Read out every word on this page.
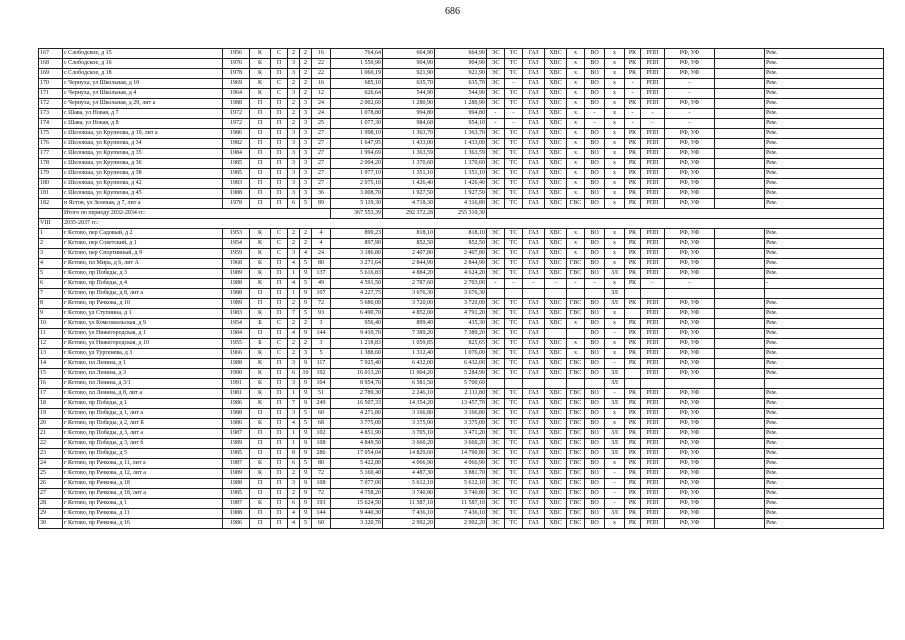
686
167	с Слободское, д 15	1956	К	С	2	2	16	764,64	664,90	664,90	ЭС	ТС	ГАЗ	ХВС	х	ВО	х	РК	РПП	РФ, УФ		Рем.
168	с Слободское, д 16	1976	К	П	3	2	22	1 550,90	904,90	904,90	ЭС	ТС	ГАЗ	ХВС	х	ВО	х	РК	РПП	РФ, УФ		Рем.
169	с Слободское, д 18	1978	К	П	3	2	22	1 060,19	921,90	921,90	ЭС	ТС	ГАЗ	ХВС	х	ВО	х	РК	РПП	РФ, УФ		Рем.
170	с Чернуха, ул Школьная, д 10	1969	К	С	2	2	16	685,10	635,70	635,70	ЭС	-	ГАЗ	ХВС	х	ВО	х	-	РПП	-		Рем.
171	с Чернуха, ул Школьная, д 4	1964	К	С	3	2	12	626,64	544,90	544,90	ЭС	ТС	ГАЗ	ХВС	х	ВО	х	-	РПП	-		Рем.
172	с Чернуха, ул Школьная, д 29, лит а	1988	П	П	2	3	24	2 002,60	1 280,90	1 280,90	ЭС	ТС	ГАЗ	ХВС	х	ВО	х	РК	РПП	РФ, УФ		Рем.
173	с Шава, ул Новая, д 7	1972	П	П	2	3	24	1 078,80	994,80	994,80	-	-	ГАЗ	ХВС	х	-	х	-	-	-		Рем.
174	с Шава, ул Новая, д 8	1972	П	П	2	3	25	1 077,30	984,60	954,10	-	-	ГАЗ	ХВС	х	-	х	-	-	-		Рем.
175	с Шелокша, ул Крупнова, д 10, лит а	1986	П	П	3	3	27	1 998,10	1 363,70	1 363,70	ЭС	ТС	ГАЗ	ХВС	х	ВО	х	РК	РПП	РФ, УФ		Рем.
176	с Шелокша, ул Крупнова, д 34	1982	П	П	3	3	27	1 647,95	1 433,00	1 433,00	ЭС	ТС	ГАЗ	ХВС	х	ВО	х	РК	РПП	РФ, УФ		Рем.
177	с Шелокша, ул Крупнова, д 35	1984	П	П	3	3	27	1 994,69	1 363,59	1 363,59	ЭС	ТС	ГАЗ	ХВС	х	ВО	х	РК	РПП	РФ, УФ		Рем.
178	с Шелокша, ул Крупнова, д 36	1985	П	П	3	3	27	2 004,20	1 370,60	1 370,60	ЭС	ТС	ГАЗ	ХВС	х	ВО	х	РК	РПП	РФ, УФ		Рем.
179	с Шелокша, ул Крупнова, д 38	1985	П	П	3	3	27	1 977,10	1 351,10	1 351,10	ЭС	ТС	ГАЗ	ХВС	х	ВО	х	РК	РПП	РФ, УФ		Рем.
180	с Шелокша, ул Крупнова, д 42	1983	П	П	3	3	27	2 075,10	1 426,40	1 426,40	ЭС	ТС	ГАЗ	ХВС	х	ВО	х	РК	РПП	РФ, УФ		Рем.
181	с Шелокша, ул Крупнова, д 45	1988	П	П	3	3	36	3 008,70	1 927,50	1 927,50	ЭС	ТС	ГАЗ	ХВС	х	ВО	х	РК	РПП	РФ, УФ		Рем.
182	п Ястов, ул Зеленая, д 7, лит а	1978	П	П	6	5	89	5 119,30	4 718,30	4 316,80	ЭС	ТС	ГАЗ	ХВС	ГВС	ВО	х	РК	РПП	РФ, УФ		Рем.
	Итого по периоду 2032-2034 гг.:							367 553,39	292 372,28	255 310,30												
VIII	2035-2037 гг.:																					
1	г Кстово, пер Садовый, д 2	1953	К	С	2	2	4	899,23	818,10	818,10	ЭС	ТС	ГАЗ	ХВС	х	ВО	х	РК	РПП	РФ, УФ		Рем.
2	г Кстово, пер Советский, д 1	1954	К	С	2	2	4	897,90	852,50	852,50	ЭС	ТС	ГАЗ	ХВС	х	ВО	х	РК	РПП	РФ, УФ		Рем.
3	г Кстово, пер Спортивный, д 9	1959	К	С	3	4	24	3 186,80	2 407,80	2 407,80	ЭС	ТС	ГАЗ	ХВС	х	ВО	х	РК	РПП	РФ, УФ		Рем.
4	г Кстово, пл Мира, д 6, лит А	1968	К	П	4	5	80	3 271,64	2 844,90	2 844,90	ЭС	ТС	ГАЗ	ХВС	ГВС	ВО	х	РК	РПП	РФ, УФ		Рем.
5	г Кстово, пр Победы, д 3	1989	К	П	1	9	137	5 616,83	4 884,20	4 624,20	ЭС	ТС	ГАЗ	ХВС	ГВС	ВО	ЗЛ	РК	РПП	РФ, УФ		Рем.
6	г Кстово, пр Победы, д 4	1988	К	П	4	5	49	4 591,50	2 787,60	2 703,00	-	-	-	-	-	-	х	РК	-	-		-
7	г Кстово, пр Победы, д 8, лит а	1988	П	П	1	9	107	4 227,75	3 676,30	3 676,30							ЗЛ					
8	г Кстово, пр Рачкова, д 10	1989	П	П	2	9	72	5 680,00	3 720,00	3 720,00	ЭС	ТС	ГАЗ	ХВС	ГВС	ВО	ЗЛ	РК	РПП	РФ, УФ		Рем.
9	г Кстово, ул Ступнина, д 1	1983	К	П	7	5	93	6 490,70	4 852,00	4 791,20	ЭС	ТС	ГАЗ	ХВС	ГВС	ВО	х		РПП	РФ, УФ		Рем.
10	г Кстово, ул Комсомольская, д 9	1954	Б	С	2	2	3	956,40	899,40	435,30	ЭС	ТС	ГАЗ	ХВС	х	ВО	х	РК	РПП	РФ, УФ		Рем.
11	г Кстово, ул Нижегородская, д 1	1984	П	П	4	9	144	9 410,70	7 389,20	7 389,20	ЭС	ТС	ГАЗ			ВО	-	РК	РПП	РФ, УФ		Рем.
12	г Кстово, ул Нижегородская, д 10	1955	Б	С	2	2	3	1 218,83	1 059,85	825,65	ЭС	ТС	ГАЗ	ХВС	х	ВО	х	РК	РПП	РФ, УФ		Рем.
13	г Кстово, ул Тургенева, д 3	1966	К	С	2	3	5	1 388,60	1 312,40	1 076,00	ЭС	ТС	ГАЗ	ХВС	х	ВО	х	РК	РПП	РФ, УФ		Рем.
14	г Кстово, пл Ленина, д 1	1988	К	П	3	9	117	7 925,40	6 432,00	6 432,00	ЭС	ТС	ГАЗ	ХВС	ГВС	ВО	-	РК	РПП	РФ, УФ		Рем.
15	г Кстово, пл Ленина, д 3	1990	К	П	6	10	192	16 013,20	11 904,20	5 284,90	ЭС	ТС	ГАЗ	ХВС	ГВС	ВО	ЗЛ		РПП	РФ, УФ		Рем.
16	г Кстово, пл Ленина, д 3/1	1991	К	П	3	9	104	8 954,70	6 581,50	5 700,60							ЗЛ					
17	г Кстово, пл Ленина, д 8, лит а	1981	К	П	1	9	51	2 789,30	2 246,10	2 111,80	ЭС	ТС	ГАЗ	ХВС	ГВС	ВО	-	РК	РПП	РФ, УФ		Рем.
18	г Кстово, пр Победы, д 1	1986	К	П	7	9	249	16 507,33	14 354,20	13 457,70	ЭС	ТС	ГАЗ	ХВС	ГВС	ВО	ЗЛ	РК	РПП	РФ, УФ		Рем.
19	г Кстово, пр Победы, д 1, лит а	1988	П	П	3	5	60	4 271,80	3 166,80	3 166,80	ЭС	ТС	ГАЗ	ХВС	ГВС	ВО	х	РК	РПП	РФ, УФ		Рем.
20	г Кстово, пр Победы, д 2, лит Б	1986	К	П	4	5	68	3 775,00	3 375,00	3 375,00	ЭС	ТС	ГАЗ	ХВС	ГВС	ВО	х	РК	РПП	РФ, УФ		Рем.
21	г Кстово, пр Победы, д 3, лит а	1987	П	П	1	9	102	4 851,90	3 705,10	3 471,20	ЭС	ТС	ГАЗ	ХВС	ГВС	ВО	ЗЛ	РК	РПП	РФ, УФ		Рем.
22	г Кстово, пр Победы, д 3, лит б	1989	П	П	1	9	108	4 849,50	3 660,20	3 660,20	ЭС	ТС	ГАЗ	ХВС	ГВС	ВО	ЗЛ	РК	РПП	РФ, УФ		Рем.
23	г Кстово, пр Победы, д 5	1985	П	П	8	9	286	17 054,04	14 829,60	14 790,80	ЭС	ТС	ГАЗ	ХВС	ГВС	ВО	ЗЛ	РК	РПП	РФ, УФ		Рем.
24	г Кстово, пр Рачкова, д 11, лит а	1987	К	П	6	5	80	5 422,80	4 066,90	4 066,90	ЭС	ТС	ГАЗ	ХВС	ГВС	ВО	х	РК	РПП	РФ, УФ		Рем.
25	г Кстово, пр Рачкова, д 12, лит а	1989	К	П	2	9	72	5 160,40	4 487,30	3 881,70	ЭС	ТС	ГАЗ	ХВС	ГВС	ВО	-	РК	РПП	РФ, УФ		Рем.
26	г Кстово, пр Рачкова, д 18	1988	П	П	3	9	108	7 077,00	5 612,10	5 612,10	ЭС	ТС	ГАЗ	ХВС	ГВС	ВО	-	РК	РПП	РФ, УФ		Рем.
27	г Кстово, пр Рачкова, д 18, лит а	1985	П	П	2	9	72	4 758,20	3 740,80	3 740,80	ЭС	ТС	ГАЗ	ХВС	ГВС	ВО	-	РК	РПП	РФ, УФ		Рем.
28	г Кстово, пр Рачкова, д 1	1987	К	П	6	9	193	15 624,50	11 587,10	11 587,10	ЭС	ТС	ГАЗ	ХВС	ГВС	ВО	-	РК	РПП	РФ, УФ		Рем.
29	г Кстово, пр Рачкова, д 11	1988	П	П	4	9	144	9 440,30	7 436,10	7 436,10	ЭС	ТС	ГАЗ	ХВС	ГВС	ВО	ЗЛ	РК	РПП	РФ, УФ		Рем.
30	г Кстово, пр Рачкова, д 16	1986	П	П	4	5	60	3 320,70	2 992,20	2 992,20	ЭС	ТС	ГАЗ	ХВС	ГВС	ВО	х	РК	РПП	РФ, УФ		Рем.
